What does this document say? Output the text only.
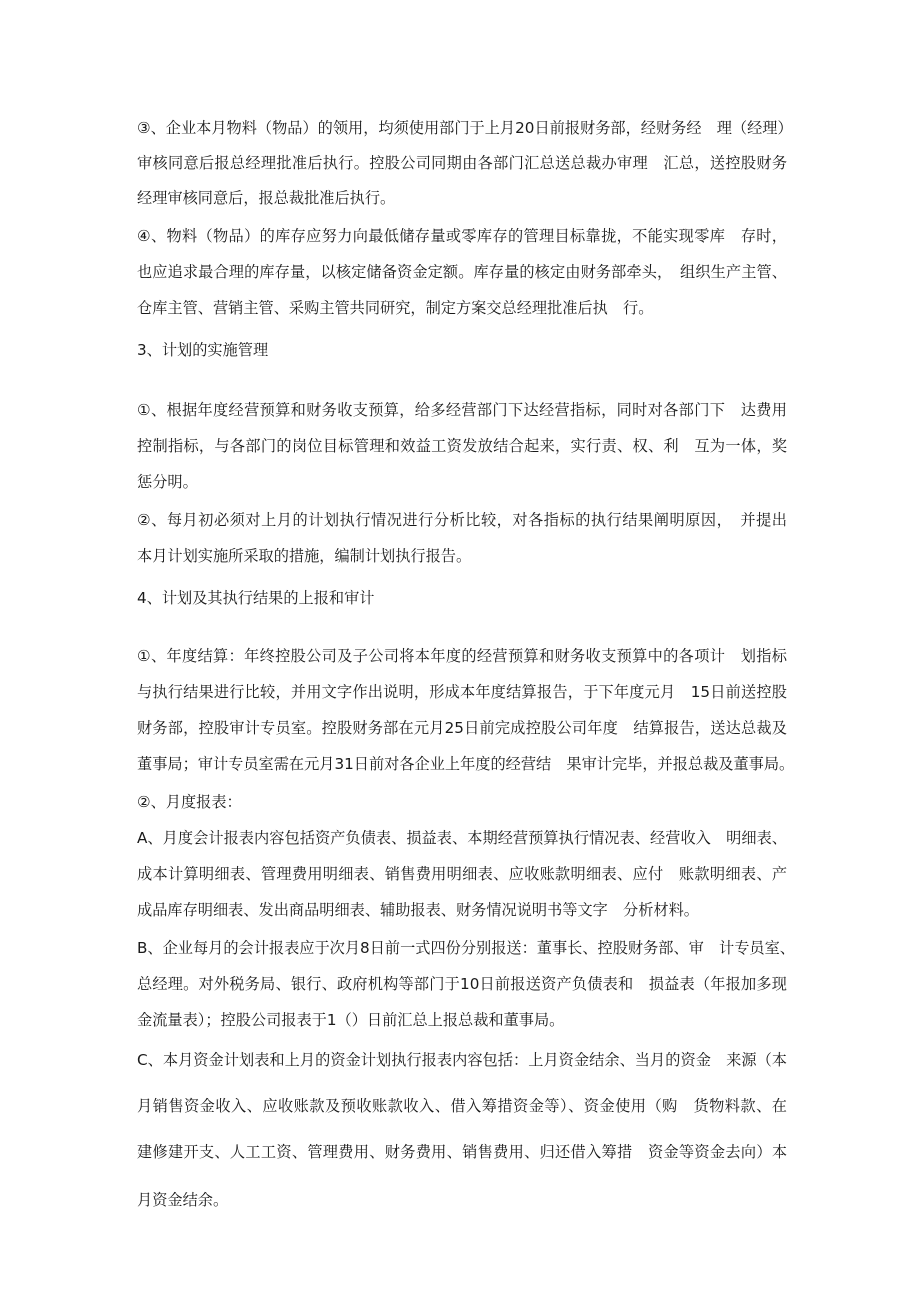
③、企业本月物料（物品）的领用，均须使用部门于上月20日前报财务部，经财务经　理（经理）
审核同意后报总经理批准后执行。控股公司同期由各部门汇总送总裁办审理　汇总，送控股财务
经理审核同意后，报总裁批准后执行。
④、物料（物品）的库存应努力向最低储存量或零库存的管理目标靠拢，不能实现零库　存时，
也应追求最合理的库存量，以核定储备资金定额。库存量的核定由财务部牵头，　组织生产主管、
仓库主管、营销主管、采购主管共同研究，制定方案交总经理批准后执　行。
3、计划的实施管理
①、根据年度经营预算和财务收支预算，给多经营部门下达经营指标，同时对各部门下　达费用
控制指标，与各部门的岗位目标管理和效益工资发放结合起来，实行责、权、利　互为一体，奖
惩分明。
②、每月初必须对上月的计划执行情况进行分析比较，对各指标的执行结果阐明原因，　并提出
本月计划实施所采取的措施，编制计划执行报告。
4、计划及其执行结果的上报和审计
①、年度结算：年终控股公司及子公司将本年度的经营预算和财务收支预算中的各项计　划指标
与执行结果进行比较，并用文字作出说明，形成本年度结算报告，于下年度元月　15日前送控股
财务部，控股审计专员室。控股财务部在元月25日前完成控股公司年度　结算报告，送达总裁及
董事局；审计专员室需在元月31日前对各企业上年度的经营结　果审计完毕，并报总裁及董事局。
②、月度报表：
A、月度会计报表内容包括资产负债表、损益表、本期经营预算执行情况表、经营收入　明细表、
成本计算明细表、管理费用明细表、销售费用明细表、应收账款明细表、应付　账款明细表、产
成品库存明细表、发出商品明细表、辅助报表、财务情况说明书等文字　分析材料。
B、企业每月的会计报表应于次月8日前一式四份分别报送：董事长、控股财务部、审　计专员室、
总经理。对外税务局、银行、政府机构等部门于10日前报送资产负债表和　损益表（年报加多现
金流量表）；控股公司报表于1（）日前汇总上报总裁和董事局。
C、本月资金计划表和上月的资金计划执行报表内容包括：上月资金结余、当月的资金　来源（本
月销售资金收入、应收账款及预收账款收入、借入筹措资金等）、资金使用（购　货物料款、在
建修建开支、人工工资、管理费用、财务费用、销售费用、归还借入筹措　资金等资金去向）本
月资金结余。
